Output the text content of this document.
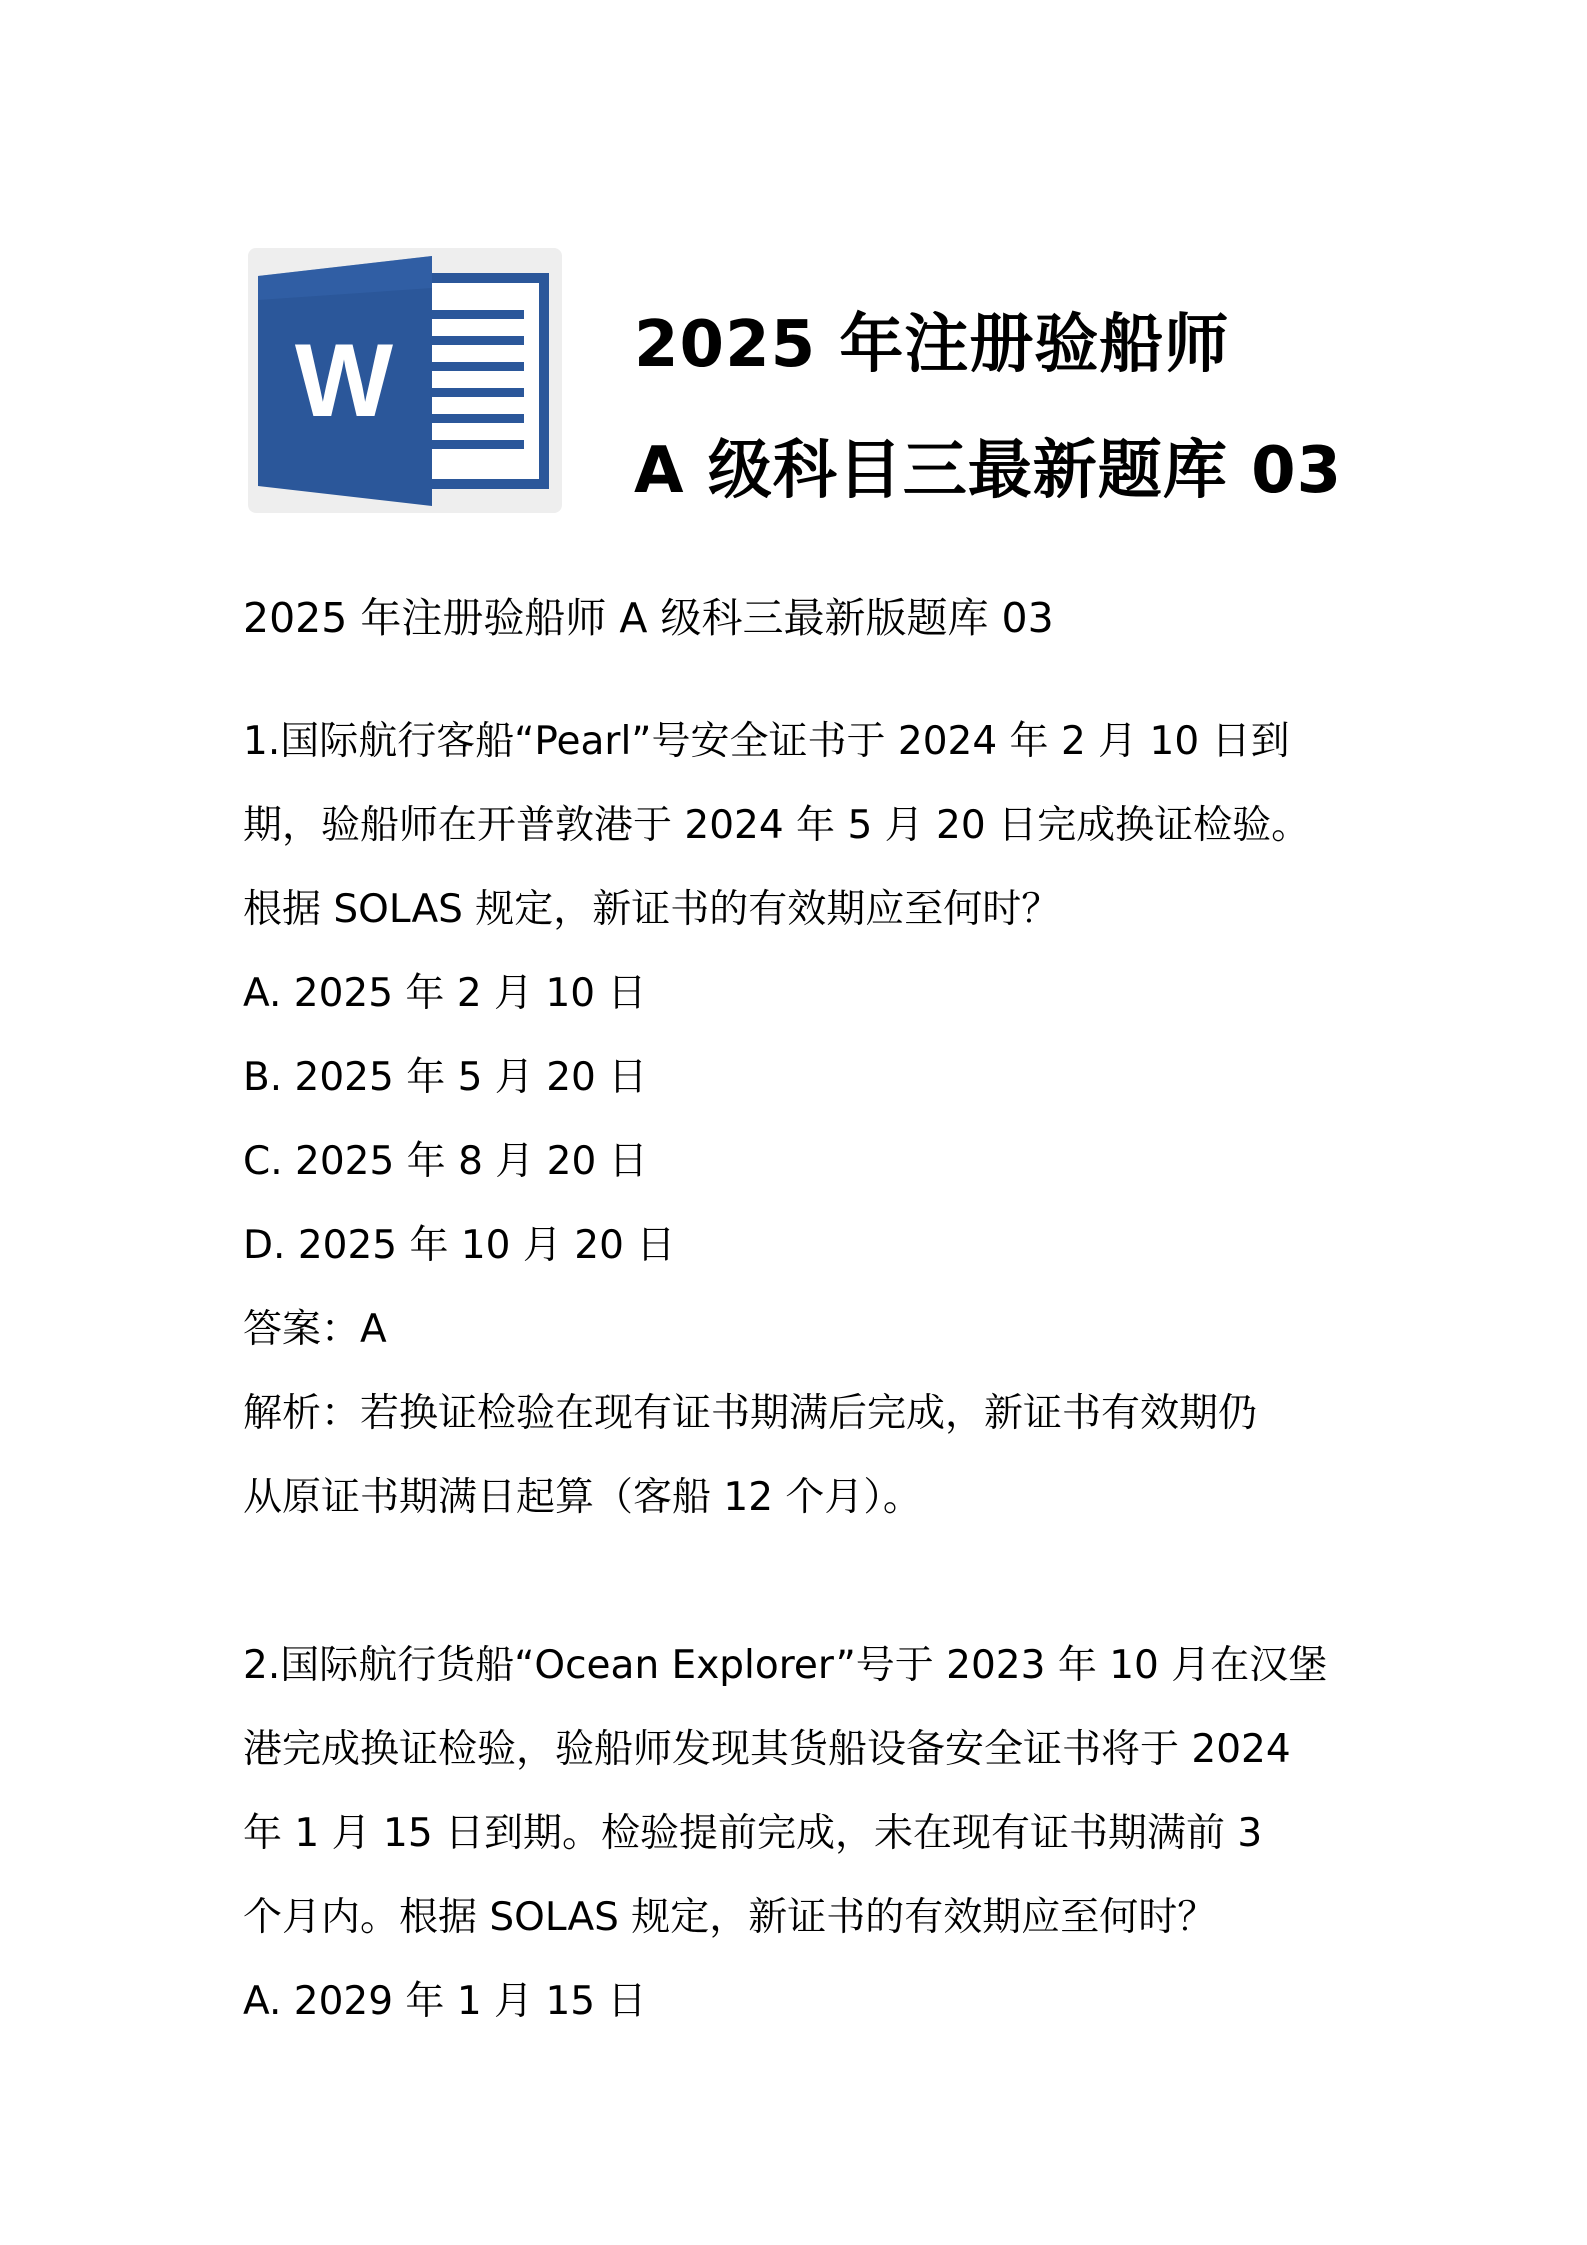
W	2025 年注册验船师
A 级科目三最新题库 03
2025 年注册验船师 A 级科三最新版题库 03
1.国际航行客船“Pearl”号安全证书于 2024 年 2 月 10 日到
期，验船师在开普敦港于 2024 年 5 月 20 日完成换证检验。
根据 SOLAS 规定，新证书的有效期应至何时？
A. 2025 年 2 月 10 日
B. 2025 年 5 月 20 日
C. 2025 年 8 月 20 日
D. 2025 年 10 月 20 日
答案：A
解析：若换证检验在现有证书期满后完成，新证书有效期仍
从原证书期满日起算（客船 12 个月）。
2.国际航行货船“Ocean Explorer”号于 2023 年 10 月在汉堡
港完成换证检验，验船师发现其货船设备安全证书将于 2024
年 1 月 15 日到期。检验提前完成，未在现有证书期满前 3
个月内。根据 SOLAS 规定，新证书的有效期应至何时？
A. 2029 年 1 月 15 日
